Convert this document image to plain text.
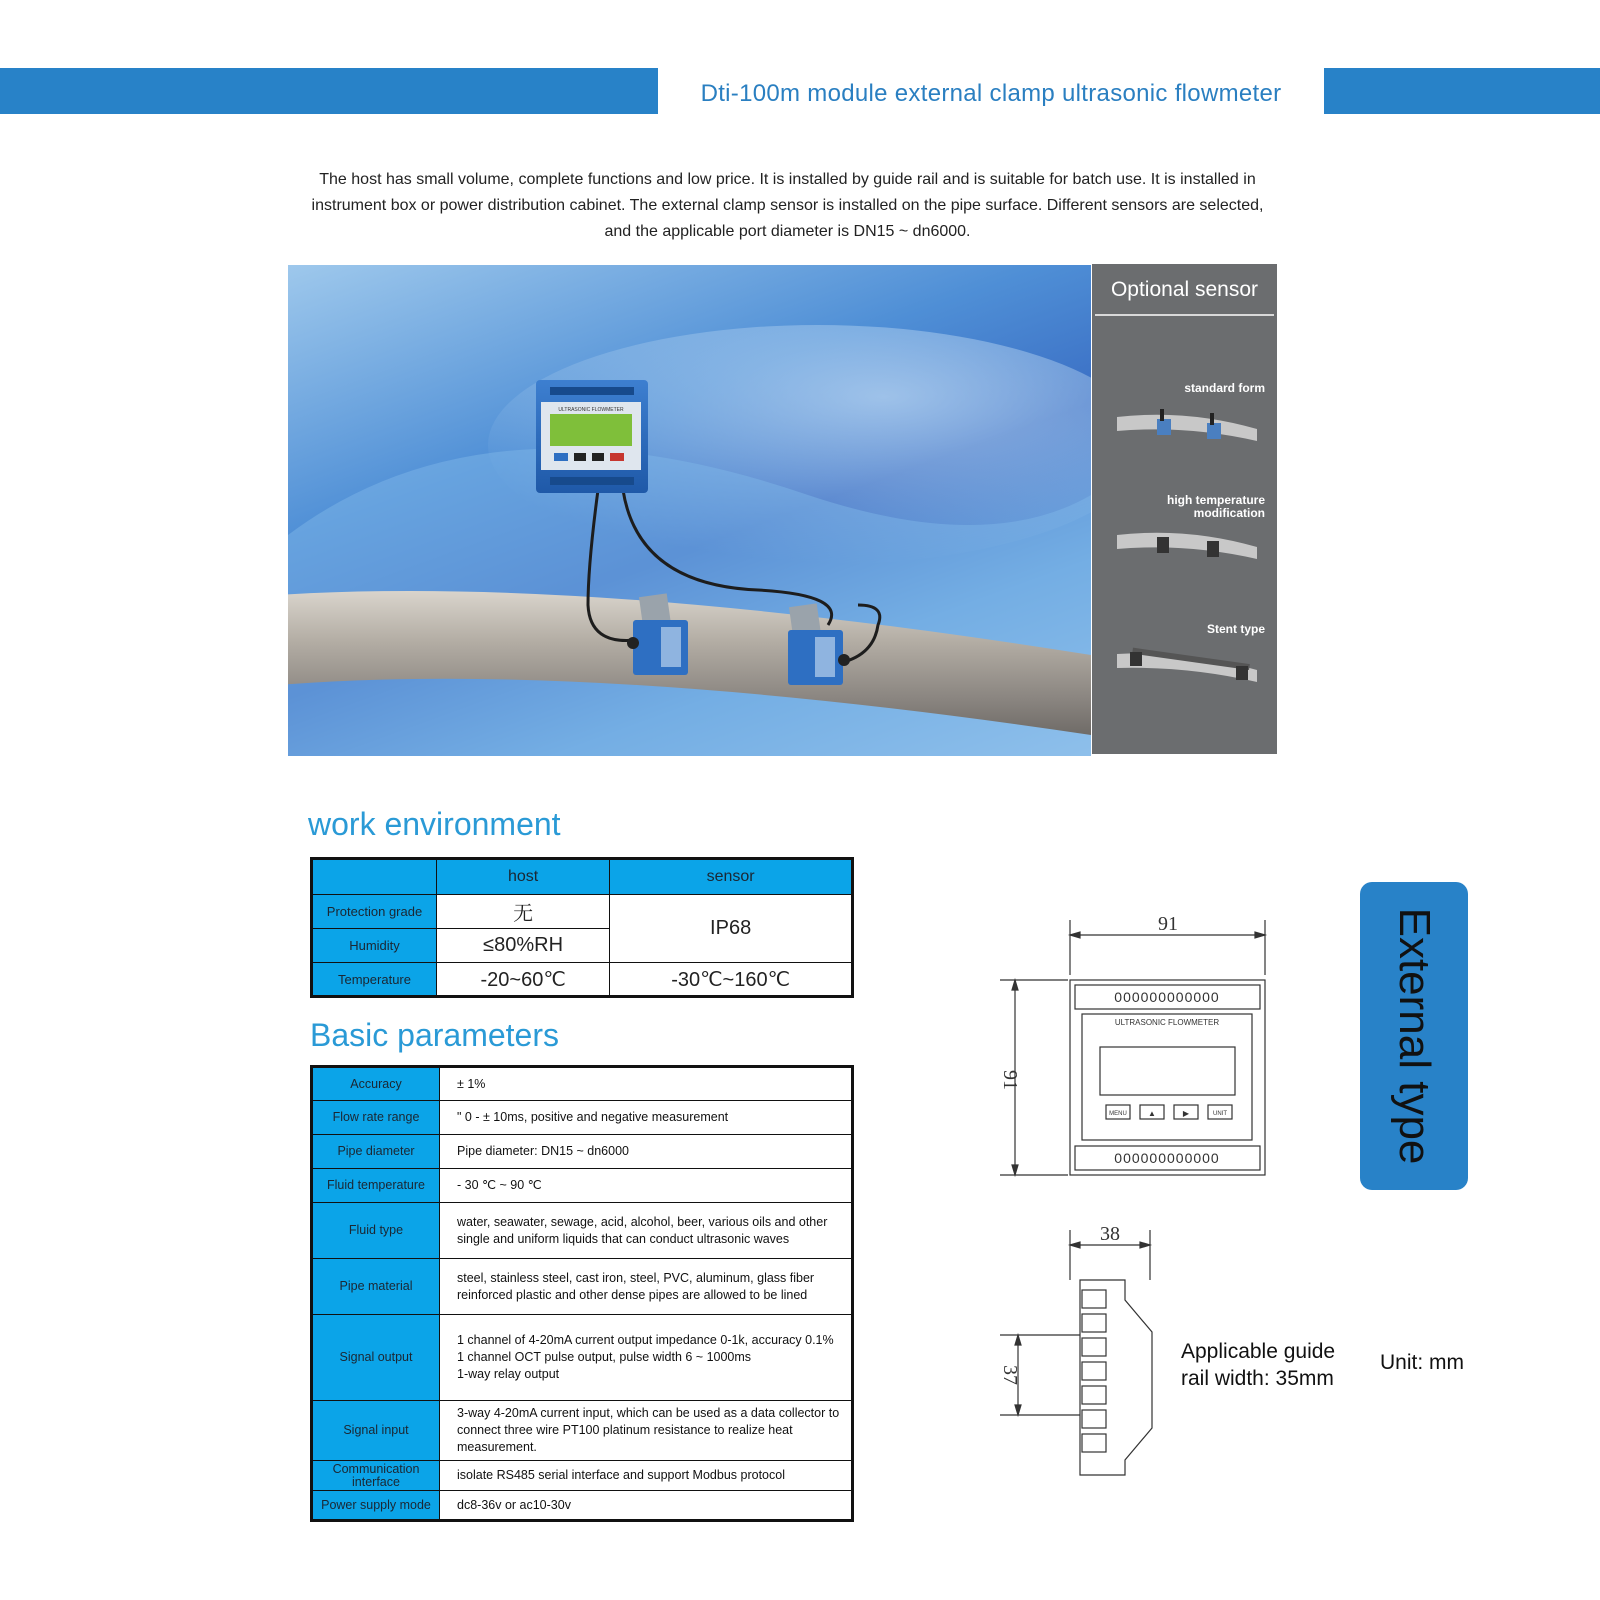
Dti-100m module external clamp ultrasonic flowmeter

The host has small volume, complete functions and low price. It is installed by guide rail and is suitable for batch use. It is installed in instrument box or power distribution cabinet. The external clamp sensor is installed on the pipe surface. Different sensors are selected, and the applicable port diameter is DN15 ~ dn6000.

ULTRASONIC FLOWMETER
Optional sensor
standard form
high temperature modification
Stent type
work environment
	host	sensor
Protection grade	无	IP68
Humidity	≤80%RH	
Temperature	-20~60℃	-30℃~160℃
Basic parameters
Accuracy	± 1%
Flow rate range	" 0 - ± 10ms, positive and negative measurement
Pipe diameter	Pipe diameter: DN15 ~ dn6000
Fluid temperature	- 30 ℃ ~ 90 ℃
Fluid type	water, seawater, sewage, acid, alcohol, beer, various oils and other single and uniform liquids that can conduct ultrasonic waves
Pipe material	steel, stainless steel, cast iron, steel, PVC, aluminum, glass fiber reinforced plastic and other dense pipes are allowed to be lined
Signal output	1 channel of 4-20mA current output impedance 0-1k, accuracy 0.1%
1 channel OCT pulse output, pulse width 6 ~ 1000ms
1-way relay output

Signal input	3-way 4-20mA current input, which can be used as a data collector to connect three wire PT100 platinum resistance to realize heat measurement.
Communication interface	isolate RS485 serial interface and support Modbus protocol
Power supply mode	dc8-36v or ac10-30v
91
91
38
37
000000000000
000000000000
ULTRASONIC FLOWMETER
MENU	▲	▶	UNIT
Applicable guide
rail width: 35mm
Unit: mm
External type
